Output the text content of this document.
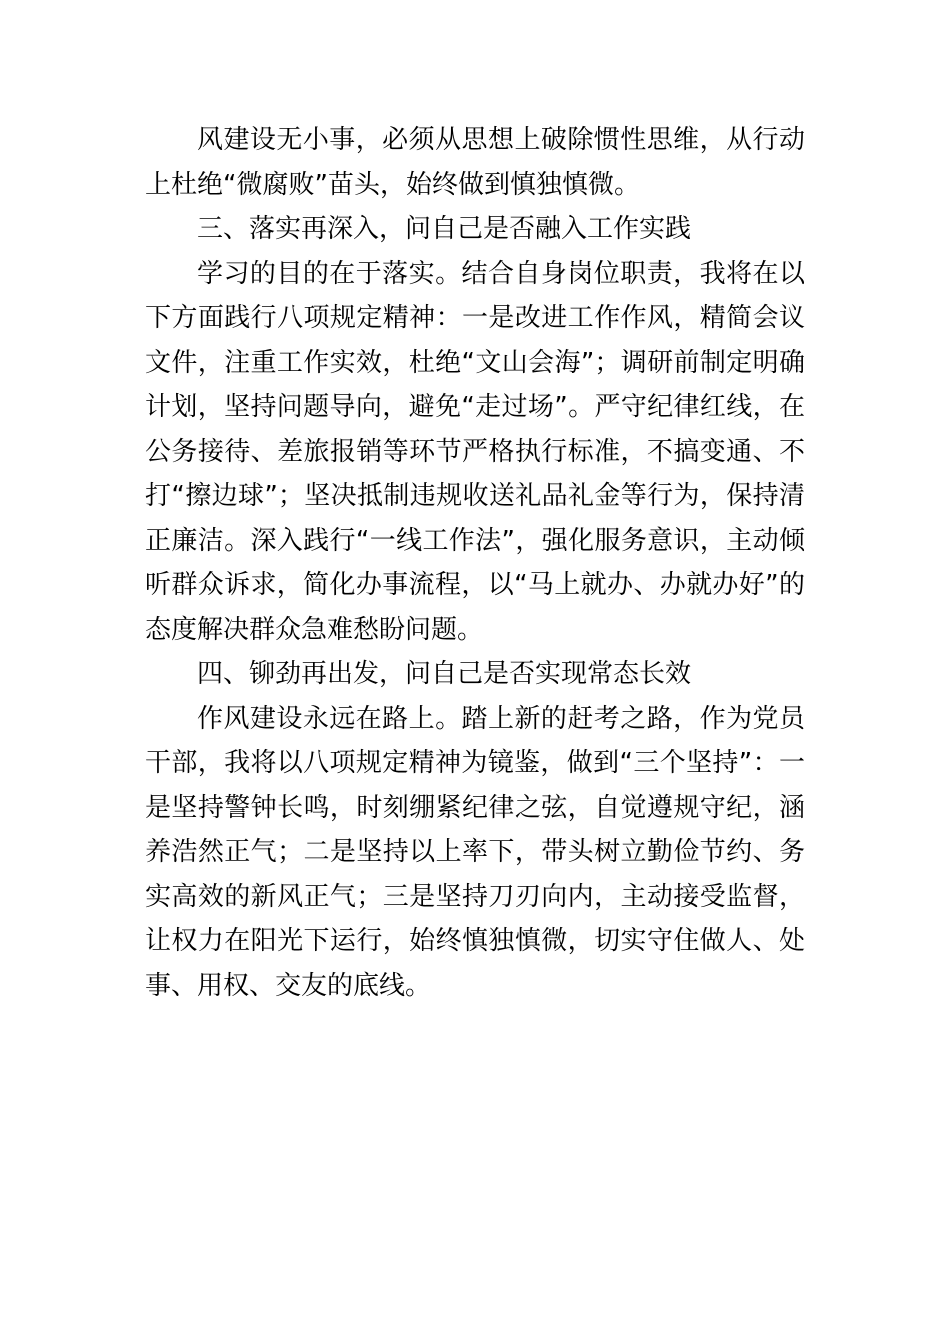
风建设无小事，必须从思想上破除惯性思维，从行动上杜绝“微腐败”苗头，始终做到慎独慎微。

三、落实再深入，问自己是否融入工作实践

学习的目的在于落实。结合自身岗位职责，我将在以下方面践行八项规定精神：一是改进工作作风，精简会议文件，注重工作实效，杜绝“文山会海”；调研前制定明确计划，坚持问题导向，避免“走过场”。严守纪律红线，在公务接待、差旅报销等环节严格执行标准，不搞变通、不打“擦边球”；坚决抵制违规收送礼品礼金等行为，保持清正廉洁。深入践行“一线工作法”，强化服务意识，主动倾听群众诉求，简化办事流程，以“马上就办、办就办好”的态度解决群众急难愁盼问题。

四、铆劲再出发，问自己是否实现常态长效

作风建设永远在路上。踏上新的赶考之路，作为党员干部，我将以八项规定精神为镜鉴，做到“三个坚持”：一是坚持警钟长鸣，时刻绷紧纪律之弦，自觉遵规守纪，涵养浩然正气；二是坚持以上率下，带头树立勤俭节约、务实高效的新风正气；三是坚持刀刃向内，主动接受监督，让权力在阳光下运行，始终慎独慎微，切实守住做人、处事、用权、交友的底线。
